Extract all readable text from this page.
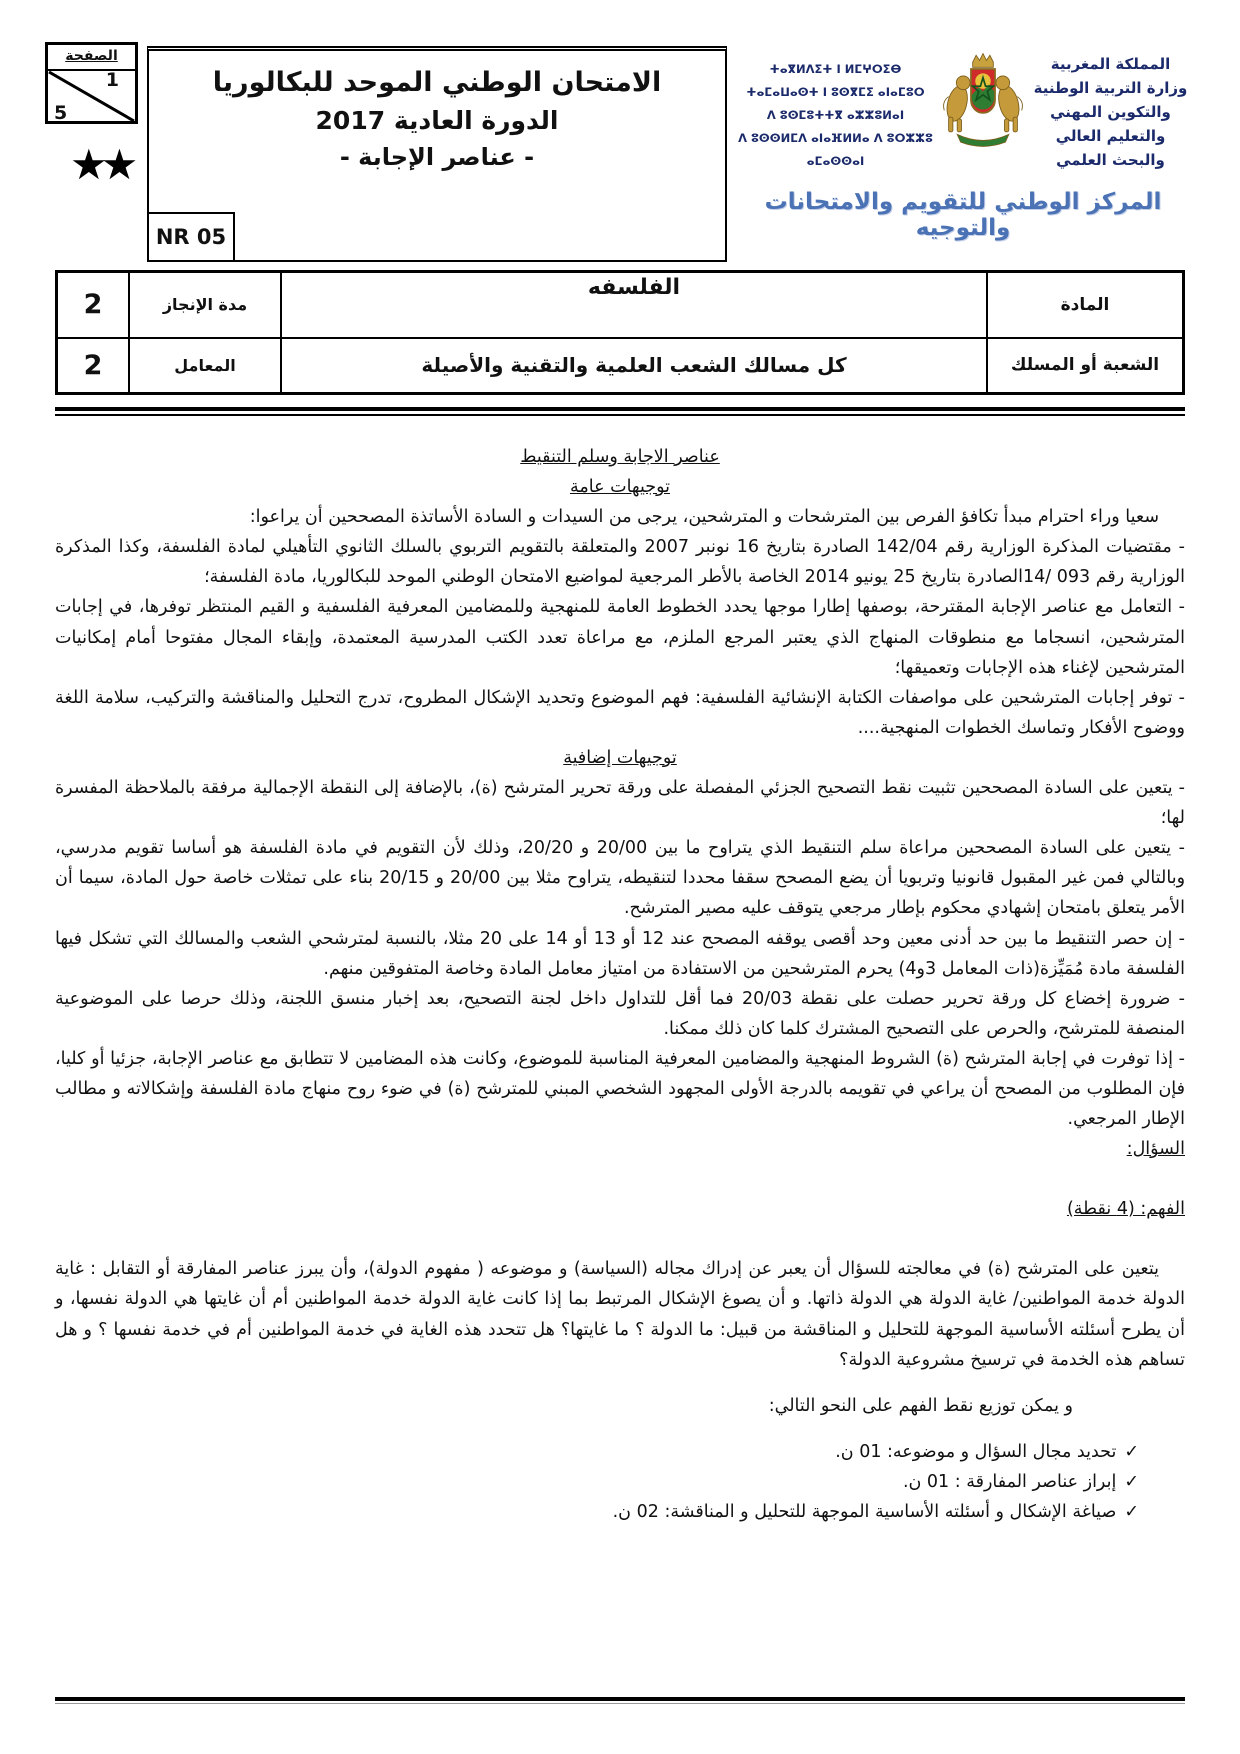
الصفحة
1
5
★★
الامتحان الوطني الموحد للبكالوريا
الدورة العادية 2017
- عناصر الإجابة -
NR 05
ⵜⴰⴳⵍⴷⵉⵜ ⵏ ⵍⵎⵖⵔⵉⴱ
ⵜⴰⵎⴰⵡⴰⵙⵜ ⵏ ⵓⵙⴳⵎⵉ ⴰⵏⴰⵎⵓⵔ
ⴷ ⵓⵙⵎⵓⵜⵜⴳ ⴰⵣⵣⵓⵍⴰⵏ
ⴷ ⵓⵙⵙⵍⵎⴷ ⴰⵏⴰⴼⵍⵍⴰ ⴷ ⵓⵔⵣⵣⵓ ⴰⵎⴰⵙⵙⴰⵏ
المملكة المغربية
وزارة التربية الوطنية
والتكوين المهني
والتعليم العالي والبحث العلمي
المركز الوطني للتقويم والامتحانات والتوجيه
المادة	الفلسفه	مدة الإنجاز	2
الشعبة أو المسلك	كل مسالك الشعب العلمية والتقنية والأصيلة	المعامل	2

عناصر الاجابة وسلم التنقيط

توجيهات عامة

سعيا وراء احترام مبدأ تكافؤ الفرص بين المترشحات و المترشحين، يرجى من السيدات و السادة الأساتذة المصححين أن يراعوا:

- مقتضيات المذكرة الوزارية رقم 142/04 الصادرة بتاريخ 16 نونبر 2007 والمتعلقة بالتقويم التربوي بالسلك الثانوي التأهيلي لمادة الفلسفة، وكذا المذكرة الوزارية رقم 093 /14الصادرة بتاريخ 25 يونيو 2014 الخاصة بالأطر المرجعية لمواضيع الامتحان الوطني الموحد للبكالوريا، مادة الفلسفة؛

- التعامل مع عناصر الإجابة المقترحة، بوصفها إطارا موجها يحدد الخطوط العامة للمنهجية وللمضامين المعرفية الفلسفية و القيم المنتظر توفرها، في إجابات المترشحين، انسجاما مع منطوقات المنهاج الذي يعتبر المرجع الملزم، مع مراعاة تعدد الكتب المدرسية المعتمدة، وإبقاء المجال مفتوحا أمام إمكانيات المترشحين لإغناء هذه الإجابات وتعميقها؛

- توفر إجابات المترشحين على مواصفات الكتابة الإنشائية الفلسفية: فهم الموضوع وتحديد الإشكال المطروح، تدرج التحليل والمناقشة والتركيب، سلامة اللغة ووضوح الأفكار وتماسك الخطوات المنهجية....

توجيهات إضافية

- يتعين على السادة المصححين تثبيت نقط التصحيح الجزئي المفصلة على ورقة تحرير المترشح (ة)، بالإضافة إلى النقطة الإجمالية مرفقة بالملاحظة المفسرة لها؛

- يتعين على السادة المصححين مراعاة سلم التنقيط الذي يتراوح ما بين 20/00 و 20/20، وذلك لأن التقويم في مادة الفلسفة هو أساسا تقويم مدرسي، وبالتالي فمن غير المقبول قانونيا وتربويا أن يضع المصحح سقفا محددا لتنقيطه، يتراوح مثلا بين 20/00 و 20/15 بناء على تمثلات خاصة حول المادة، سيما أن الأمر يتعلق بامتحان إشهادي محكوم بإطار مرجعي يتوقف عليه مصير المترشح.

- إن حصر التنقيط ما بين حد أدنى معين وحد أقصى يوقفه المصحح عند 12 أو 13 أو 14 على 20 مثلا، بالنسبة لمترشحي الشعب والمسالك التي تشكل فيها الفلسفة مادة مُمَيِّزة(ذات المعامل 3و4) يحرم المترشحين من الاستفادة من امتياز معامل المادة وخاصة المتفوقين منهم.

- ضرورة إخضاع كل ورقة تحرير حصلت على نقطة 20/03 فما أقل للتداول داخل لجنة التصحيح، بعد إخبار منسق اللجنة، وذلك حرصا على الموضوعية المنصفة للمترشح، والحرص على التصحيح المشترك كلما كان ذلك ممكنا.

- إذا توفرت في إجابة المترشح (ة) الشروط المنهجية والمضامين المعرفية المناسبة للموضوع، وكانت هذه المضامين لا تتطابق مع عناصر الإجابة، جزئيا أو كليا، فإن المطلوب من المصحح أن يراعي في تقويمه بالدرجة الأولى المجهود الشخصي المبني للمترشح (ة) في ضوء روح منهاج مادة الفلسفة وإشكالاته و مطالب الإطار المرجعي.

السؤال:

الفهم: (4 نقطة)

يتعين على المترشح (ة) في معالجته للسؤال أن يعبر عن إدراك مجاله (السياسة) و موضوعه ( مفهوم الدولة)، وأن يبرز عناصر المفارقة أو التقابل : غاية الدولة خدمة المواطنين/ غاية الدولة هي الدولة ذاتها. و أن يصوغ الإشكال المرتبط بما إذا كانت غاية الدولة خدمة المواطنين أم أن غايتها هي الدولة نفسها، و أن يطرح أسئلته الأساسية الموجهة للتحليل و المناقشة من قبيل: ما الدولة ؟ ما غايتها؟ هل تتحدد هذه الغاية في خدمة المواطنين أم في خدمة نفسها ؟ و هل تساهم هذه الخدمة في ترسيخ مشروعية الدولة؟

و يمكن توزيع نقط الفهم على النحو التالي:

✓تحديد مجال السؤال و موضوعه: 01 ن.

✓إبراز عناصر المفارقة : 01 ن.

✓صياغة الإشكال و أسئلته الأساسية الموجهة للتحليل و المناقشة: 02 ن.
